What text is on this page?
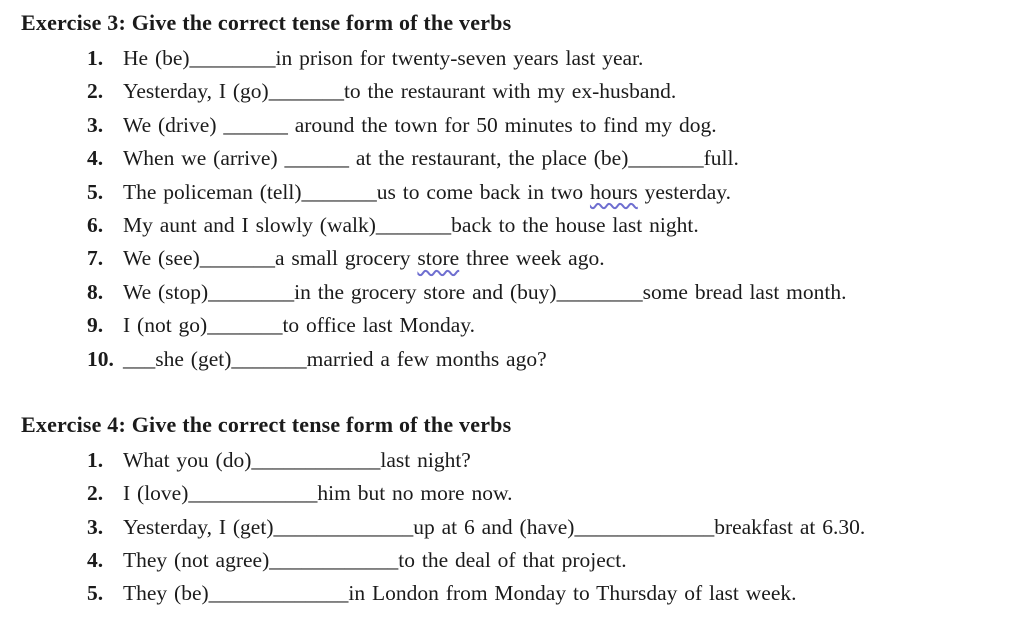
Exercise 3: Give the correct tense form of the verbs
1. He (be)________in prison for twenty-seven years last year.
2. Yesterday, I (go)_______to the restaurant with my ex-husband.
3. We (drive) ______ around the town for 50 minutes to find my dog.
4. When we (arrive) ______ at the restaurant, the place (be)_______full.
5. The policeman (tell)_______us to come back in two hours yesterday.
6. My aunt and I slowly (walk)_______back to the house last night.
7. We (see)_______a small grocery store three week ago.
8. We (stop)________in the grocery store and (buy)________some bread last month.
9. I (not go)_______to office last Monday.
10. ___she (get)_______married a few months ago?
Exercise 4: Give the correct tense form of the verbs
1. What you (do)____________last night?
2. I (love)____________him but no more now.
3. Yesterday, I (get)_____________up at 6 and (have)_____________breakfast at 6.30.
4. They (not agree)____________to the deal of that project.
5. They (be)_____________in London from Monday to Thursday of last week.
